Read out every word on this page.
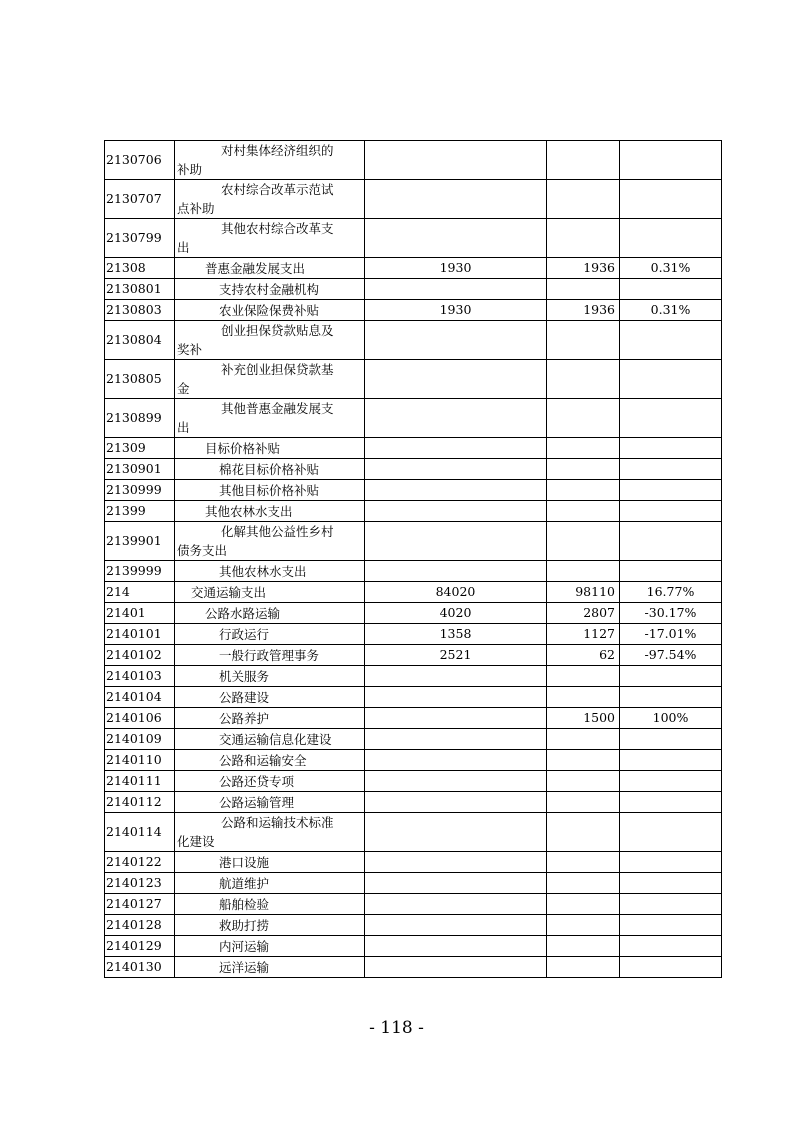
2130706	对村集体经济组织的
补助			

2130707	农村综合改革示范试
点补助			

2130799	其他农村综合改革支
出			

21308	普惠金融发展支出	1930	1936	0.31%
2130801	支持农村金融机构			
2130803	农业保险保费补贴	1930	1936	0.31%
2130804	创业担保贷款贴息及
奖补			

2130805	补充创业担保贷款基
金			

2130899	其他普惠金融发展支
出			

21309	目标价格补贴			
2130901	棉花目标价格补贴			
2130999	其他目标价格补贴			
21399	其他农林水支出			
2139901	化解其他公益性乡村
债务支出			

2139999	其他农林水支出			
214	交通运输支出	84020	98110	16.77%
21401	公路水路运输	4020	2807	-30.17%
2140101	行政运行	1358	1127	-17.01%
2140102	一般行政管理事务	2521	62	-97.54%
2140103	机关服务			
2140104	公路建设			
2140106	公路养护		1500	100%
2140109	交通运输信息化建设			
2140110	公路和运输安全			
2140111	公路还贷专项			
2140112	公路运输管理			
2140114	公路和运输技术标准
化建设			

2140122	港口设施			
2140123	航道维护			
2140127	船舶检验			
2140128	救助打捞			
2140129	内河运输			
2140130	远洋运输			
- 118 -
